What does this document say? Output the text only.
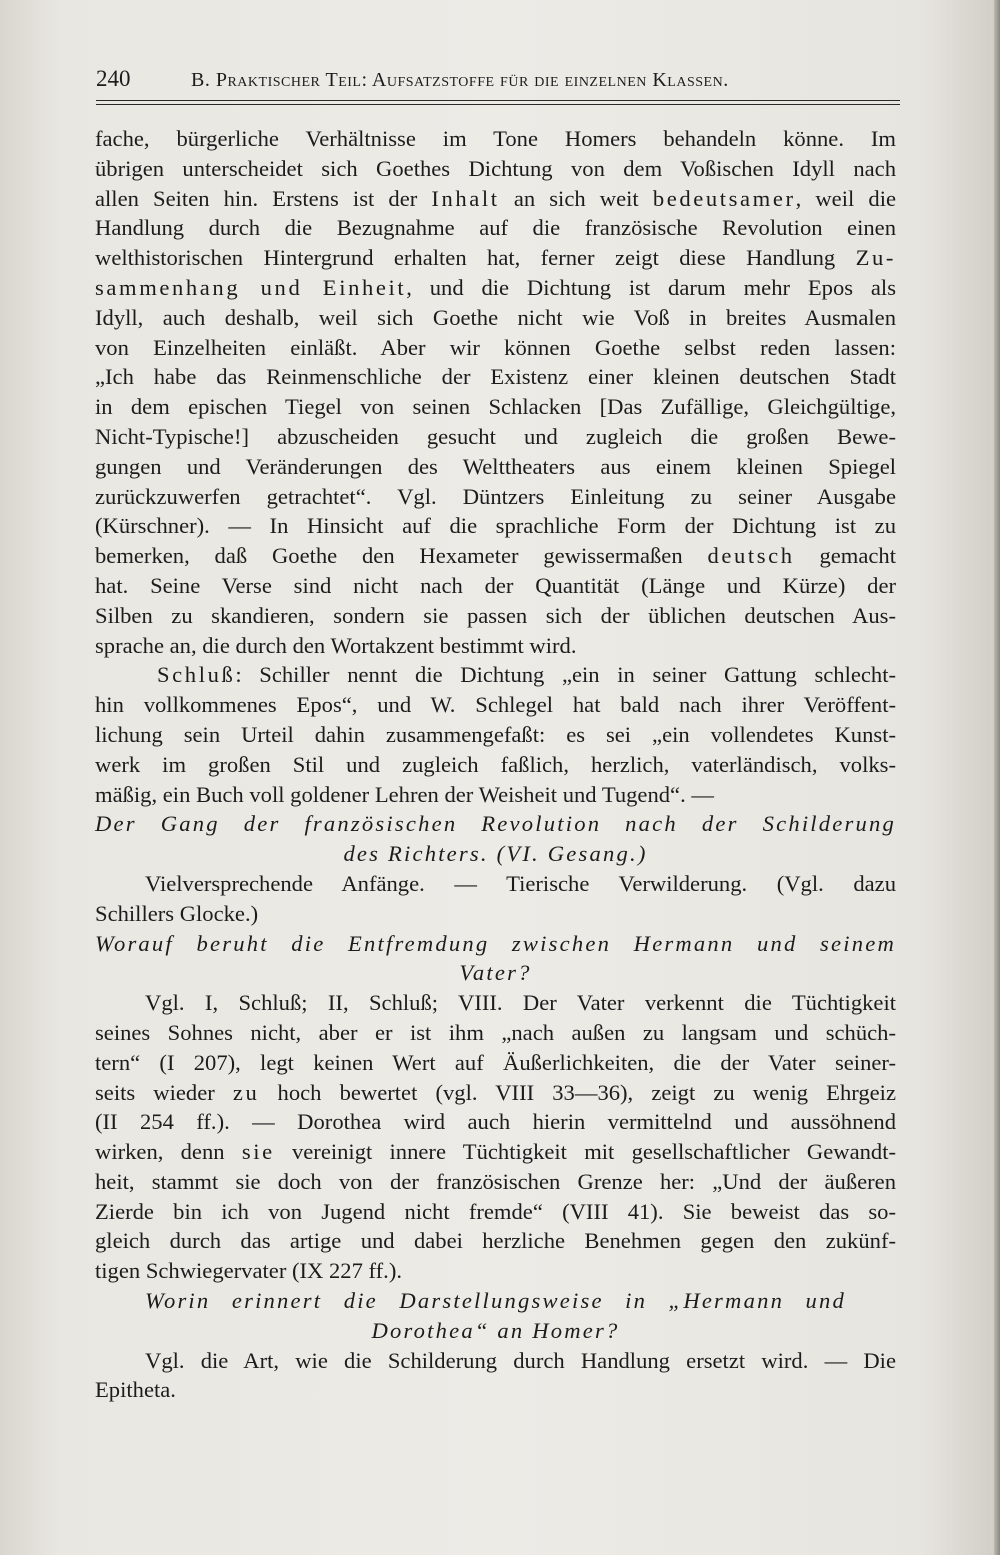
240	B. Praktischer Teil: Aufsatzstoffe für die einzelnen Klassen.
fache, bürgerliche Verhältnisse im Tone Homers behandeln könne. Im
übrigen unterscheidet sich Goethes Dichtung von dem Voßischen Idyll nach
allen Seiten hin. Erstens ist der Inhalt an sich weit bedeutsamer, weil die
Handlung durch die Bezugnahme auf die französische Revolution einen
welthistorischen Hintergrund erhalten hat, ferner zeigt diese Handlung Zu-
sammenhang und Einheit, und die Dichtung ist darum mehr Epos als
Idyll, auch deshalb, weil sich Goethe nicht wie Voß in breites Ausmalen
von Einzelheiten einläßt. Aber wir können Goethe selbst reden lassen:
„Ich habe das Reinmenschliche der Existenz einer kleinen deutschen Stadt
in dem epischen Tiegel von seinen Schlacken [Das Zufällige, Gleichgültige,
Nicht-Typische!] abzuscheiden gesucht und zugleich die großen Bewe-
gungen und Veränderungen des Welttheaters aus einem kleinen Spiegel
zurückzuwerfen getrachtet“. Vgl. Düntzers Einleitung zu seiner Ausgabe
(Kürschner). — In Hinsicht auf die sprachliche Form der Dichtung ist zu
bemerken, daß Goethe den Hexameter gewissermaßen deutsch gemacht
hat. Seine Verse sind nicht nach der Quantität (Länge und Kürze) der
Silben zu skandieren, sondern sie passen sich der üblichen deutschen Aus-
sprache an, die durch den Wortakzent bestimmt wird.
Schluß: Schiller nennt die Dichtung „ein in seiner Gattung schlecht-
hin vollkommenes Epos“, und W. Schlegel hat bald nach ihrer Veröffent-
lichung sein Urteil dahin zusammengefaßt: es sei „ein vollendetes Kunst-
werk im großen Stil und zugleich faßlich, herzlich, vaterländisch, volks-
mäßig, ein Buch voll goldener Lehren der Weisheit und Tugend“. —
Der Gang der französischen Revolution nach der Schilderung
des Richters. (VI. Gesang.)
Vielversprechende Anfänge. — Tierische Verwilderung. (Vgl. dazu
Schillers Glocke.)
Worauf beruht die Entfremdung zwischen Hermann und seinem
Vater?
Vgl. I, Schluß; II, Schluß; VIII. Der Vater verkennt die Tüchtigkeit
seines Sohnes nicht, aber er ist ihm „nach außen zu langsam und schüch-
tern“ (I 207), legt keinen Wert auf Äußerlichkeiten, die der Vater seiner-
seits wieder zu hoch bewertet (vgl. VIII 33—36), zeigt zu wenig Ehrgeiz
(II 254 ff.). — Dorothea wird auch hierin vermittelnd und aussöhnend
wirken, denn sie vereinigt innere Tüchtigkeit mit gesellschaftlicher Gewandt-
heit, stammt sie doch von der französischen Grenze her: „Und der äußeren
Zierde bin ich von Jugend nicht fremde“ (VIII 41). Sie beweist das so-
gleich durch das artige und dabei herzliche Benehmen gegen den zukünf-
tigen Schwiegervater (IX 227 ff.).
Worin erinnert die Darstellungsweise in „Hermann und
Dorothea“ an Homer?
Vgl. die Art, wie die Schilderung durch Handlung ersetzt wird. — Die
Epitheta.
